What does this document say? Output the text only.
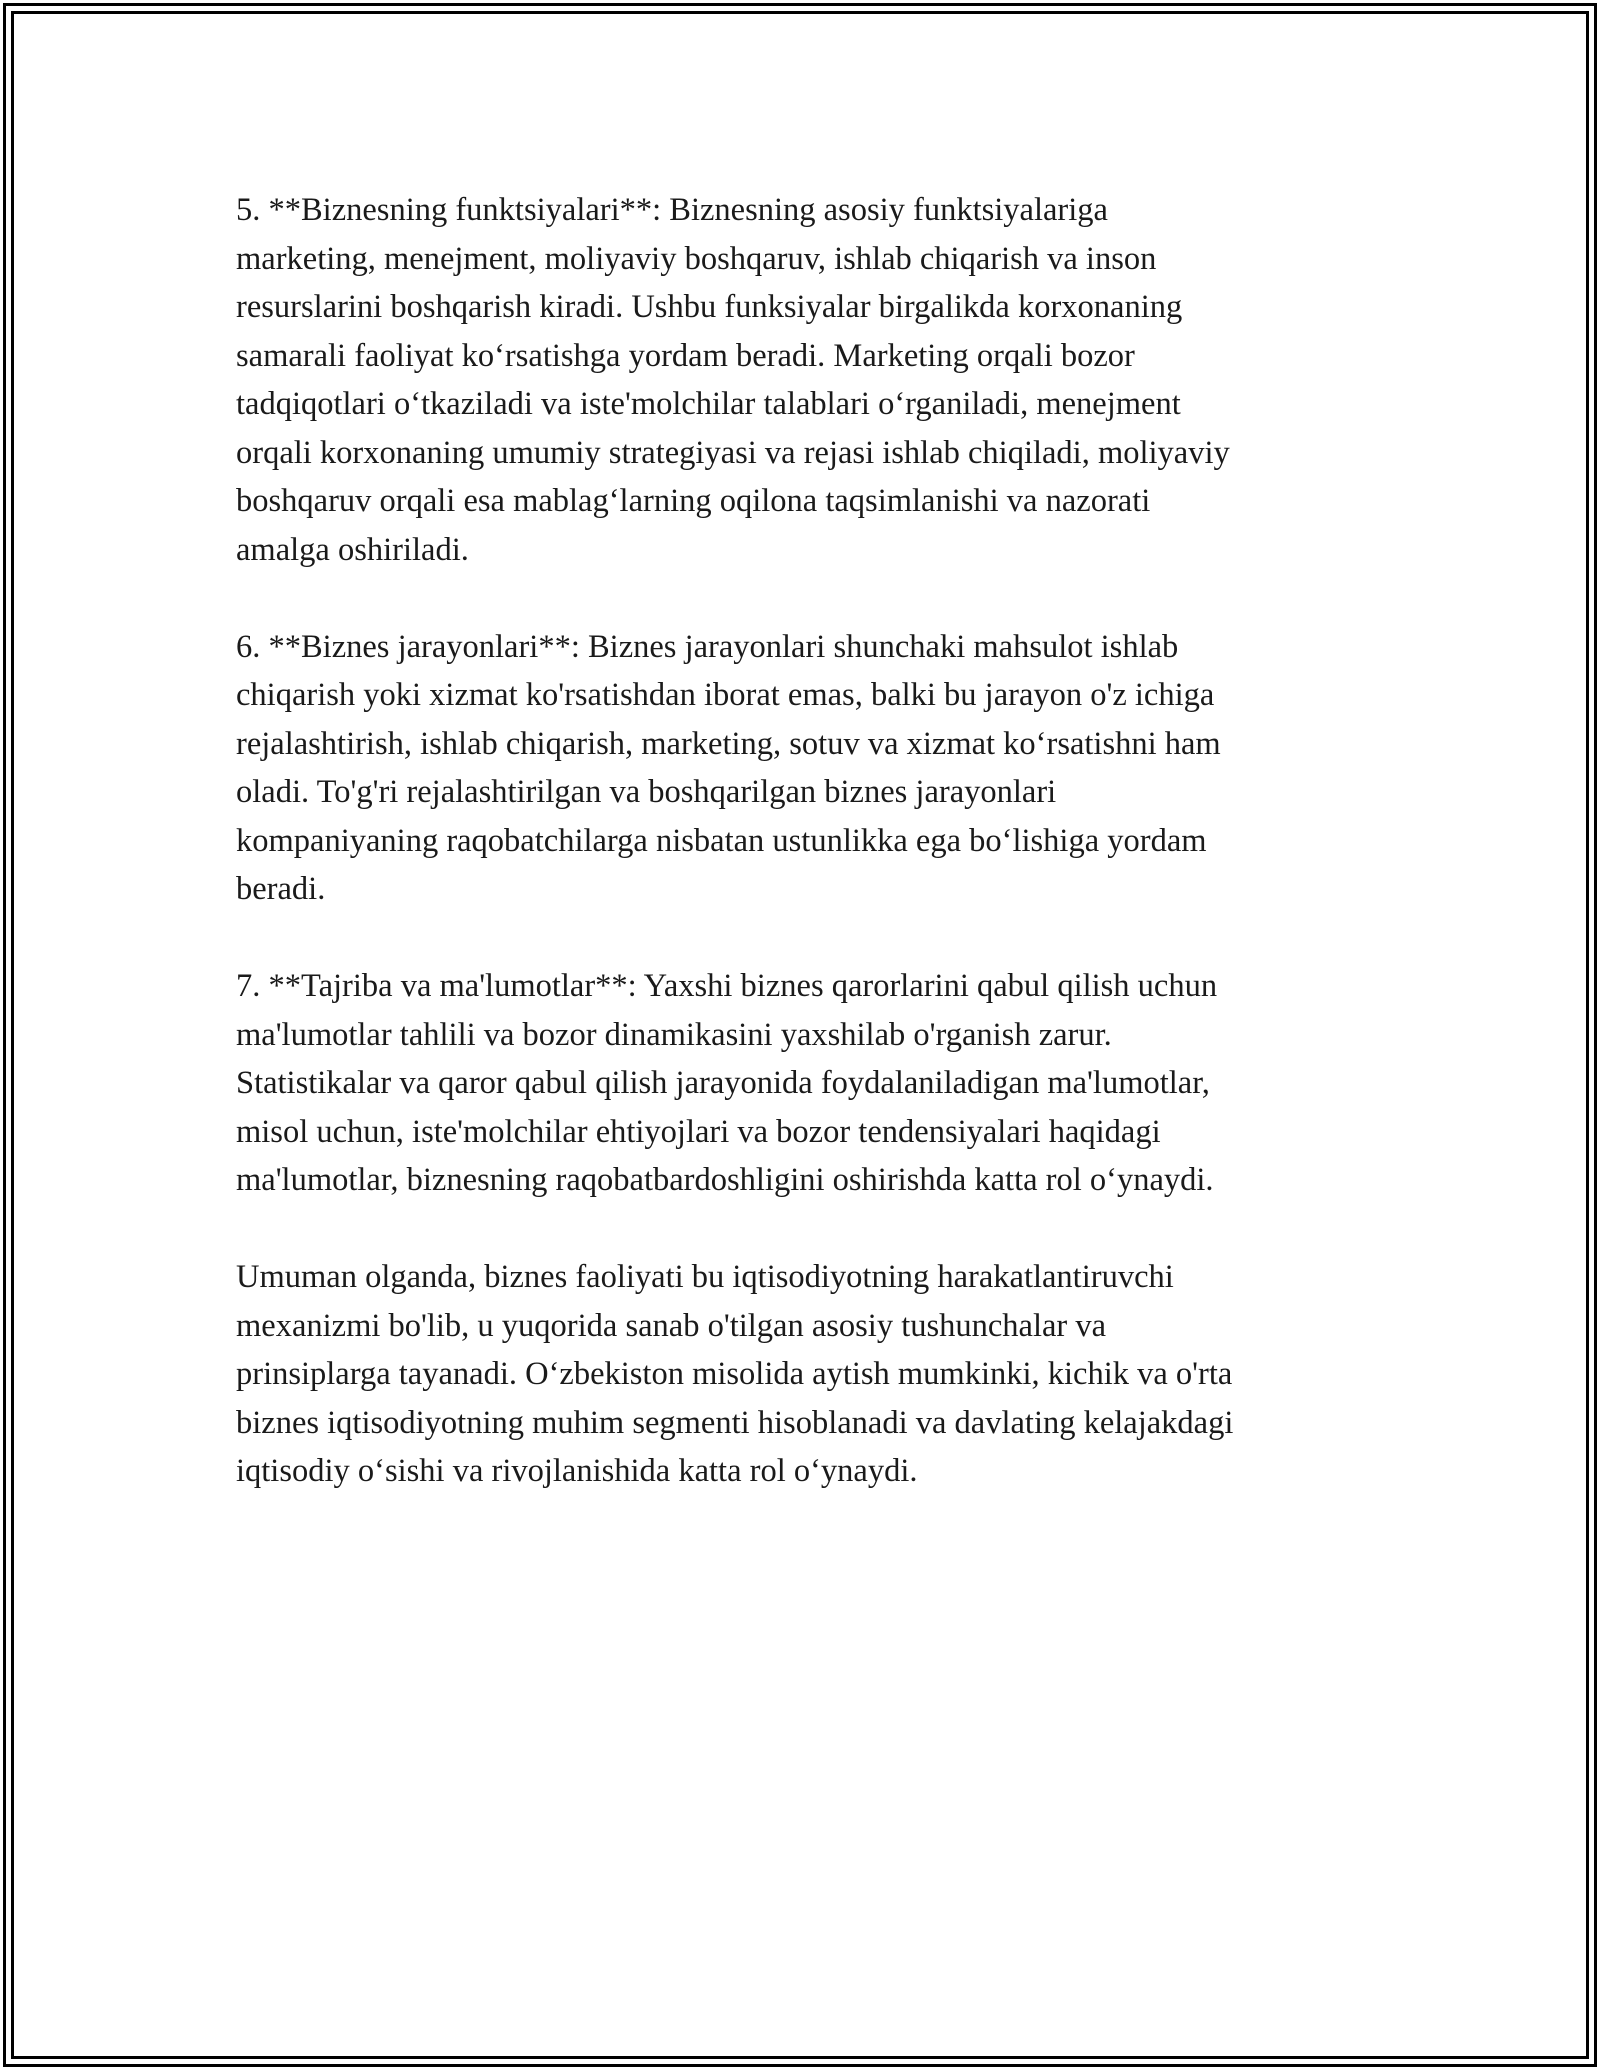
5. **Biznesning funktsiyalari**: Biznesning asosiy funktsiyalariga
marketing, menejment, moliyaviy boshqaruv, ishlab chiqarish va inson
resurslarini boshqarish kiradi. Ushbu funksiyalar birgalikda korxonaning
samarali faoliyat ko‘rsatishga yordam beradi. Marketing orqali bozor
tadqiqotlari o‘tkaziladi va iste'molchilar talablari o‘rganiladi, menejment
orqali korxonaning umumiy strategiyasi va rejasi ishlab chiqiladi, moliyaviy
boshqaruv orqali esa mablag‘larning oqilona taqsimlanishi va nazorati
amalga oshiriladi.

6. **Biznes jarayonlari**: Biznes jarayonlari shunchaki mahsulot ishlab
chiqarish yoki xizmat ko'rsatishdan iborat emas, balki bu jarayon o'z ichiga
rejalashtirish, ishlab chiqarish, marketing, sotuv va xizmat ko‘rsatishni ham
oladi. To'g'ri rejalashtirilgan va boshqarilgan biznes jarayonlari
kompaniyaning raqobatchilarga nisbatan ustunlikka ega bo‘lishiga yordam
beradi.

7. **Tajriba va ma'lumotlar**: Yaxshi biznes qarorlarini qabul qilish uchun
ma'lumotlar tahlili va bozor dinamikasini yaxshilab o'rganish zarur.
Statistikalar va qaror qabul qilish jarayonida foydalaniladigan ma'lumotlar,
misol uchun, iste'molchilar ehtiyojlari va bozor tendensiyalari haqidagi
ma'lumotlar, biznesning raqobatbardoshligini oshirishda katta rol o‘ynaydi.

Umuman olganda, biznes faoliyati bu iqtisodiyotning harakatlantiruvchi
mexanizmi bo'lib, u yuqorida sanab o'tilgan asosiy tushunchalar va
prinsiplarga tayanadi. O‘zbekiston misolida aytish mumkinki, kichik va o'rta
biznes iqtisodiyotning muhim segmenti hisoblanadi va davlating kelajakdagi
iqtisodiy o‘sishi va rivojlanishida katta rol o‘ynaydi.
